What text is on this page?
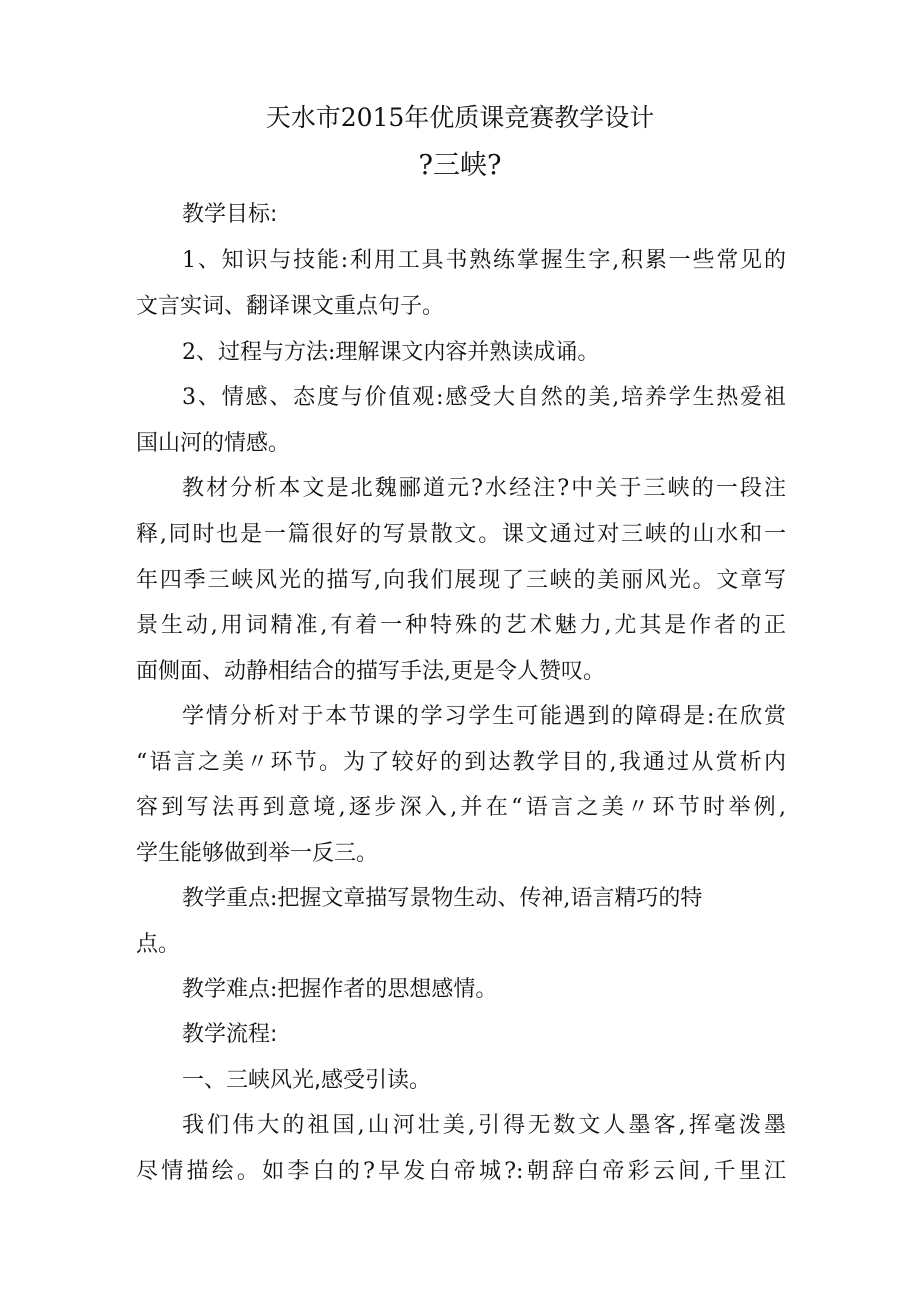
天水市2015年优质课竞赛教学设计
?三峡?
教学目标:
1、知识与技能:利用工具书熟练掌握生字,积累一些常见的
文言实词、翻译课文重点句子。
2、过程与方法:理解课文内容并熟读成诵。
3、情感、态度与价值观:感受大自然的美,培养学生热爱祖
国山河的情感。
教材分析本文是北魏郦道元?水经注?中关于三峡的一段注
释,同时也是一篇很好的写景散文。课文通过对三峡的山水和一
年四季三峡风光的描写,向我们展现了三峡的美丽风光。文章写
景生动,用词精准,有着一种特殊的艺术魅力,尤其是作者的正
面侧面、动静相结合的描写手法,更是令人赞叹。
学情分析对于本节课的学习学生可能遇到的障碍是:在欣赏
“语言之美〃环节。为了较好的到达教学目的,我通过从赏析内
容到写法再到意境,逐步深入,并在“语言之美〃环节时举例,
学生能够做到举一反三。
教学重点:把握文章描写景物生动、传神,语言精巧的特
点。
教学难点:把握作者的思想感情。
教学流程:
一、三峡风光,感受引读。
我们伟大的祖国,山河壮美,引得无数文人墨客,挥毫泼墨
尽情描绘。如李白的?早发白帝城?:朝辞白帝彩云间,千里江
